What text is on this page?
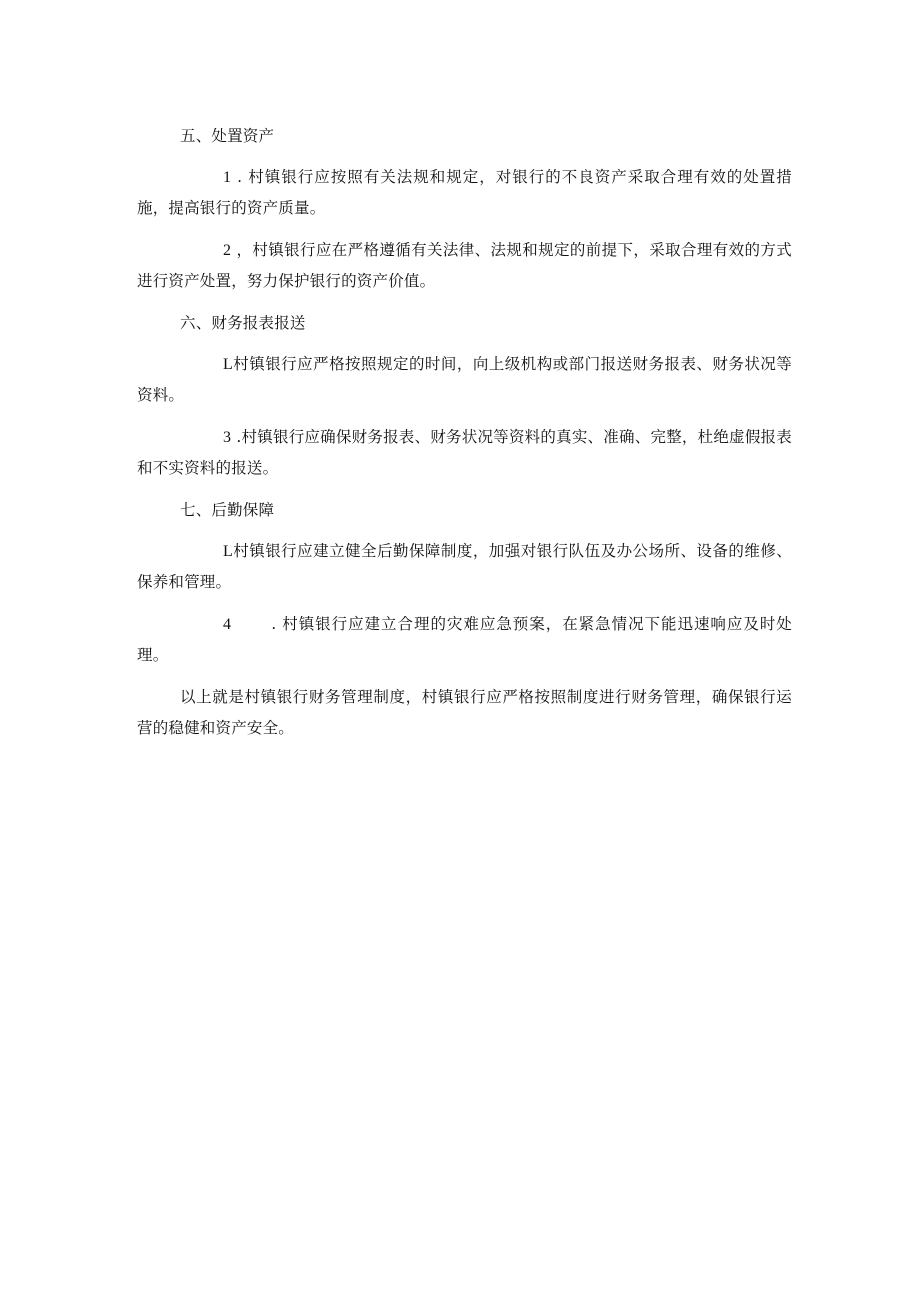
五、处置资产

1 . 村镇银行应按照有关法规和规定，对银行的不良资产采取合理有效的处置措施，提高银行的资产质量。

2 ，村镇银行应在严格遵循有关法律、法规和规定的前提下，采取合理有效的方式进行资产处置，努力保护银行的资产价值。

六、财务报表报送

L村镇银行应严格按照规定的时间，向上级机构或部门报送财务报表、财务状况等资料。

3 .村镇银行应确保财务报表、财务状况等资料的真实、准确、完整，杜绝虚假报表和不实资料的报送。

七、后勤保障

L村镇银行应建立健全后勤保障制度，加强对银行队伍及办公场所、设备的维修、保养和管理。

4	. 村镇银行应建立合理的灾难应急预案，在紧急情况下能迅速响应及时处理。

以上就是村镇银行财务管理制度，村镇银行应严格按照制度进行财务管理，确保银行运营的稳健和资产安全。
